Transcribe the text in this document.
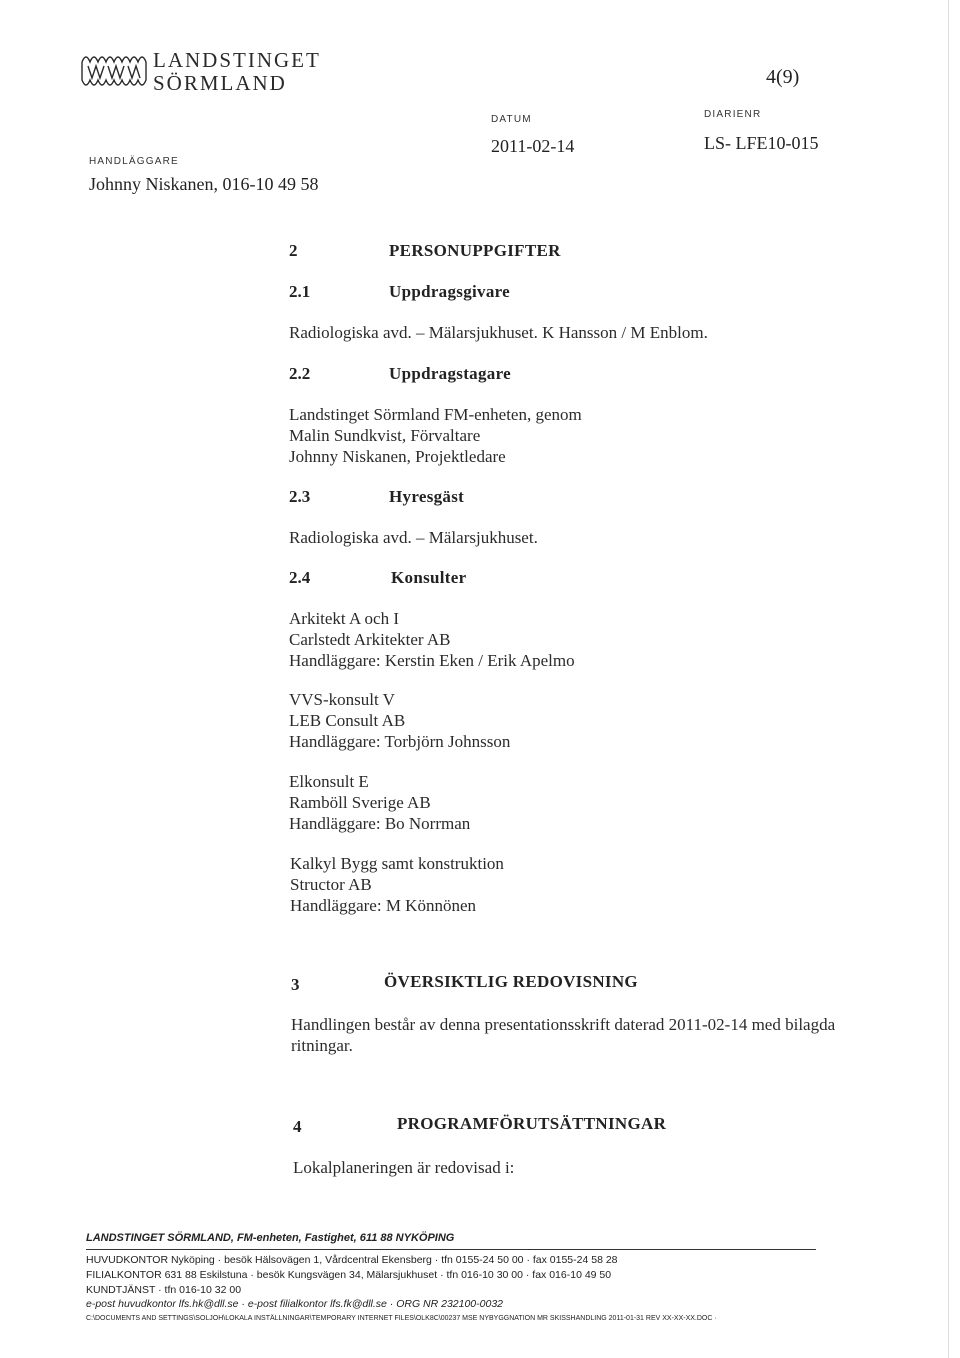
LANDSTINGET
SÖRMLAND	4(9)
DATUM
2011-02-14
DIARIENR
LS- LFE10-015
HANDLÄGGARE
Johnny Niskanen, 016-10 49 58
2	PERSONUPPGIFTER
2.1	Uppdragsgivare
Radiologiska avd. – Mälarsjukhuset. K Hansson / M Enblom.
2.2	Uppdragstagare
Landstinget Sörmland FM-enheten, genom
Malin Sundkvist, Förvaltare
Johnny Niskanen, Projektledare
2.3	Hyresgäst
Radiologiska avd. – Mälarsjukhuset.
2.4	Konsulter
Arkitekt A och I
Carlstedt Arkitekter AB
Handläggare: Kerstin Eken / Erik Apelmo
VVS-konsult V
LEB Consult AB
Handläggare: Torbjörn Johnsson
Elkonsult E
Ramböll Sverige AB
Handläggare: Bo Norrman
Kalkyl Bygg samt konstruktion
Structor AB
Handläggare: M Könnönen
3	ÖVERSIKTLIG REDOVISNING
Handlingen består av denna presentationsskrift daterad 2011-02-14 med bilagda
ritningar.
4	PROGRAMFÖRUTSÄTTNINGAR
Lokalplaneringen är redovisad i:
LANDSTINGET SÖRMLAND, FM-enheten, Fastighet, 611 88 NYKÖPING
HUVUDKONTOR Nyköping · besök Hälsovägen 1, Vårdcentral Ekensberg · tfn 0155-24 50 00 · fax 0155-24 58 28
FILIALKONTOR 631 88 Eskilstuna · besök Kungsvägen 34, Mälarsjukhuset · tfn 016-10 30 00 · fax 016-10 49 50
KUNDTJÄNST · tfn 016-10 32 00
e-post huvudkontor lfs.hk@dll.se · e-post filialkontor lfs.fk@dll.se · ORG NR 232100-0032
C:\DOCUMENTS AND SETTINGS\SOLJOH\LOKALA INSTÄLLNINGAR\TEMPORARY INTERNET FILES\OLK8C\00237 MSE NYBYGGNATION MR SKISSHANDLING 2011-01-31 REV XX-XX-XX.DOC ·
